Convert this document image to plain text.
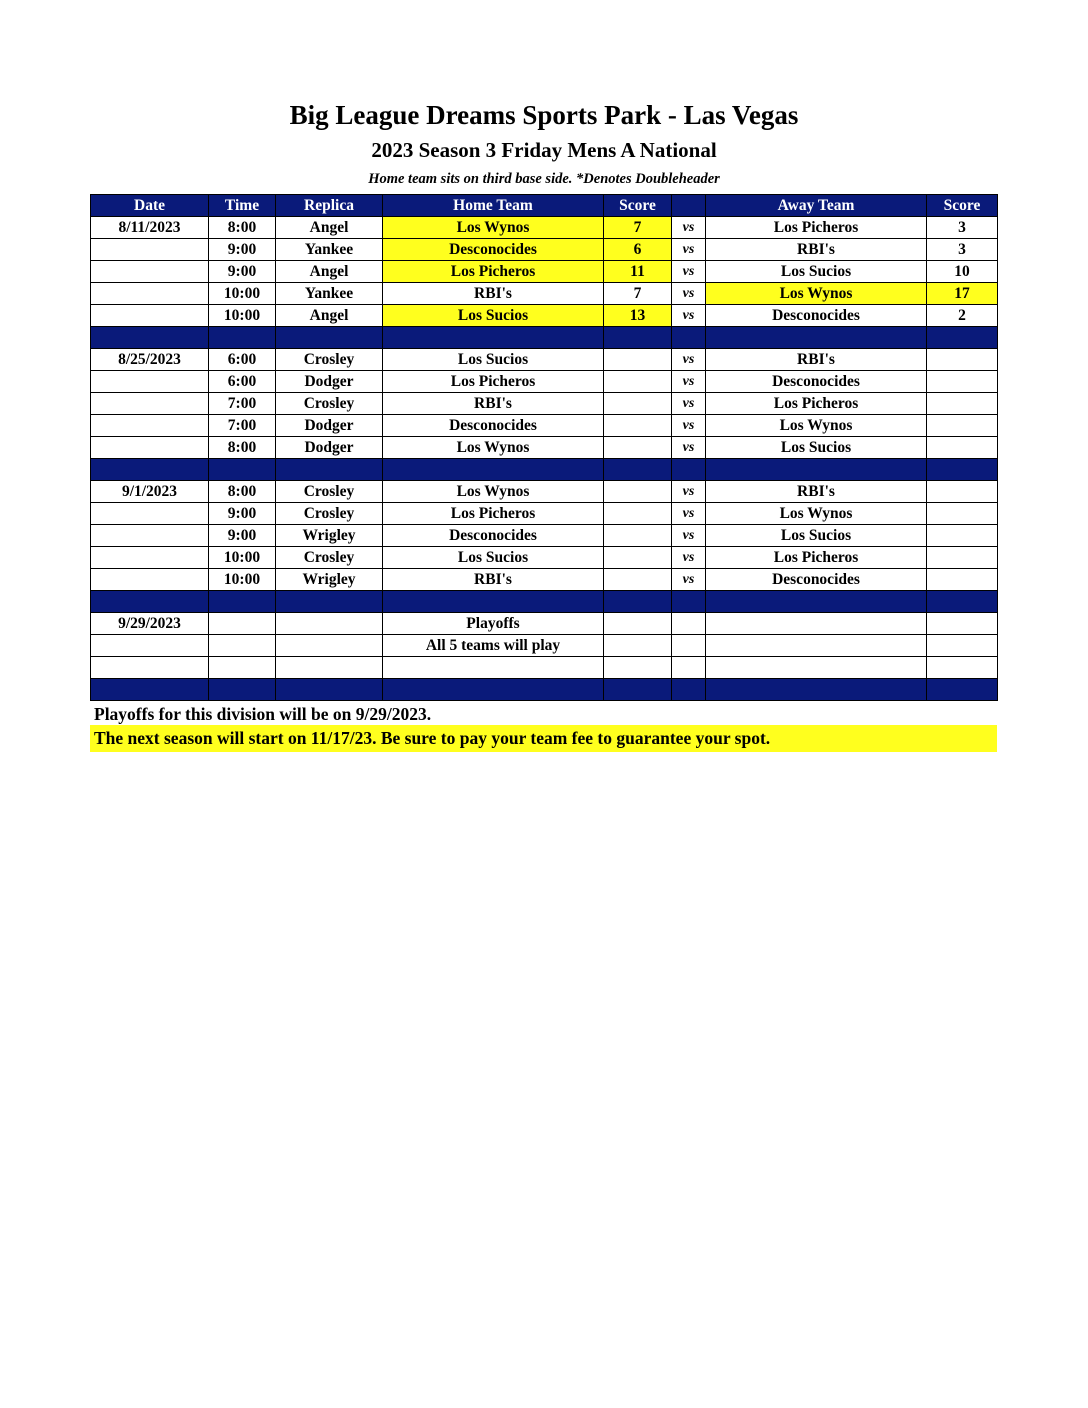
Big League Dreams Sports Park - Las Vegas
2023 Season 3 Friday Mens A National
Home team sits on third base side. *Denotes Doubleheader
Date	Time	Replica	Home Team	Score		Away Team	Score
8/11/2023	8:00	Angel	Los Wynos	7	vs	Los Picheros	3
	9:00	Yankee	Desconocides	6	vs	RBI's	3
	9:00	Angel	Los Picheros	11	vs	Los Sucios	10
	10:00	Yankee	RBI's	7	vs	Los Wynos	17
	10:00	Angel	Los Sucios	13	vs	Desconocides	2

8/25/2023	6:00	Crosley	Los Sucios		vs	RBI's	
	6:00	Dodger	Los Picheros		vs	Desconocides	
	7:00	Crosley	RBI's		vs	Los Picheros	
	7:00	Dodger	Desconocides		vs	Los Wynos	
	8:00	Dodger	Los Wynos		vs	Los Sucios	

9/1/2023	8:00	Crosley	Los Wynos		vs	RBI's	
	9:00	Crosley	Los Picheros		vs	Los Wynos	
	9:00	Wrigley	Desconocides		vs	Los Sucios	
	10:00	Crosley	Los Sucios		vs	Los Picheros	
	10:00	Wrigley	RBI's		vs	Desconocides	

9/29/2023			Playoffs				
			All 5 teams will play				

Playoffs for this division will be on 9/29/2023.
The next season will start on 11/17/23. Be sure to pay your team fee to guarantee your spot.
